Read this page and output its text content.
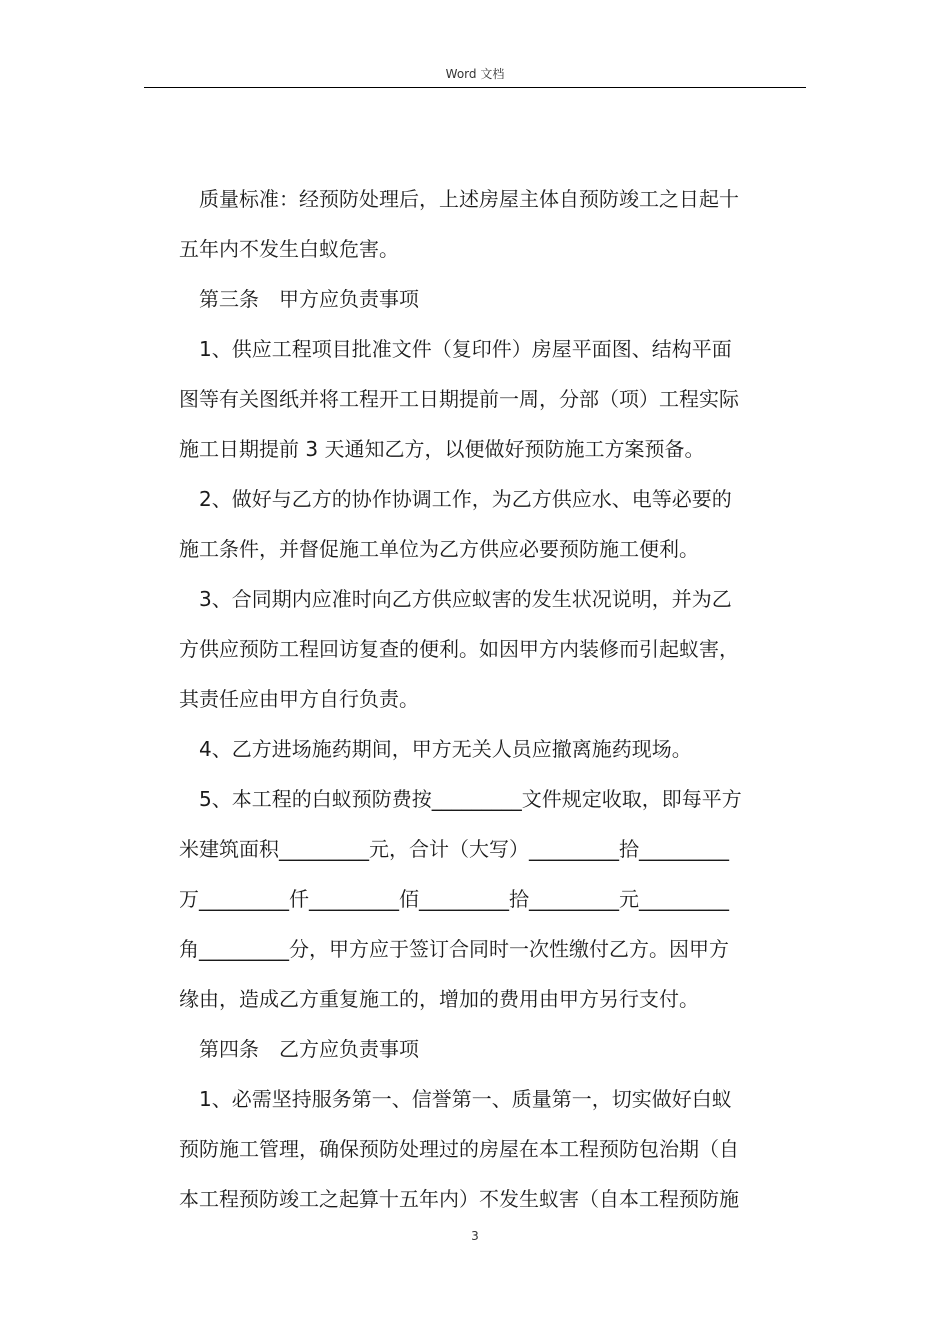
Word 文档
质量标准：经预防处理后，上述房屋主体自预防竣工之日起十
五年内不发生白蚁危害。
第三条　甲方应负责事项
1、供应工程项目批准文件（复印件）房屋平面图、结构平面
图等有关图纸并将工程开工日期提前一周，分部（项）工程实际
施工日期提前 3 天通知乙方，以便做好预防施工方案预备。
2、做好与乙方的协作协调工作，为乙方供应水、电等必要的
施工条件，并督促施工单位为乙方供应必要预防施工便利。
3、合同期内应准时向乙方供应蚁害的发生状况说明，并为乙
方供应预防工程回访复查的便利。如因甲方内装修而引起蚁害，
其责任应由甲方自行负责。
4、乙方进场施药期间，甲方无关人员应撤离施药现场。
5、本工程的白蚁预防费按_________文件规定收取，即每平方
米建筑面积_________元，合计（大写）_________拾_________
万_________仟_________佰_________拾_________元_________
角_________分，甲方应于签订合同时一次性缴付乙方。因甲方
缘由，造成乙方重复施工的，增加的费用由甲方另行支付。
第四条　乙方应负责事项
1、必需坚持服务第一、信誉第一、质量第一，切实做好白蚁
预防施工管理，确保预防处理过的房屋在本工程预防包治期（自
本工程预防竣工之起算十五年内）不发生蚁害（自本工程预防施
3
